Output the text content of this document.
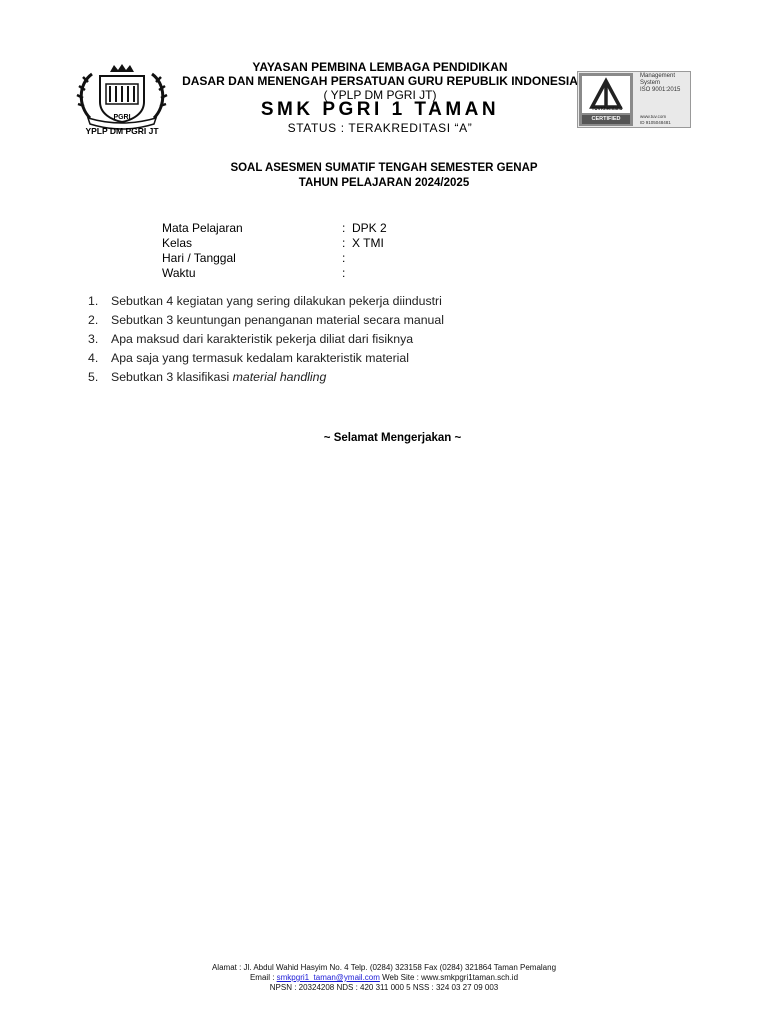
PGRI
YPLP DM PGRI JT
YAYASAN PEMBINA LEMBAGA PENDIDIKAN
DASAR DAN MENENGAH PERSATUAN GURU REPUBLIK INDONESIA
( YPLP DM PGRI JT)
SMK PGRI 1 TAMAN
STATUS : TERAKREDITASI “A”
TÜVRheinland
CERTIFIED
Management
System
ISO 9001:2015
www.tuv.com
ID 9105048481
SOAL ASESMEN SUMATIF TENGAH SEMESTER GENAP
TAHUN PELAJARAN 2024/2025
Mata Pelajaran	: DPK 2
Kelas	: X TMI
Hari / Tanggal	:
Waktu	:
1. Sebutkan 4 kegiatan yang sering dilakukan pekerja diindustri
2. Sebutkan 3 keuntungan penanganan material secara manual
3. Apa maksud dari karakteristik pekerja diliat dari fisiknya
4. Apa saja yang termasuk kedalam karakteristik material
5. Sebutkan 3 klasifikasi material handling
~ Selamat Mengerjakan ~
Alamat : Jl. Abdul Wahid Hasyim No. 4 Telp. (0284) 323158 Fax (0284) 321864 Taman Pemalang
Email : smkpgri1_taman@ymail.com Web Site : www.smkpgri1taman.sch.id
NPSN : 20324208 NDS : 420 311 000 5 NSS : 324 03 27 09 003
